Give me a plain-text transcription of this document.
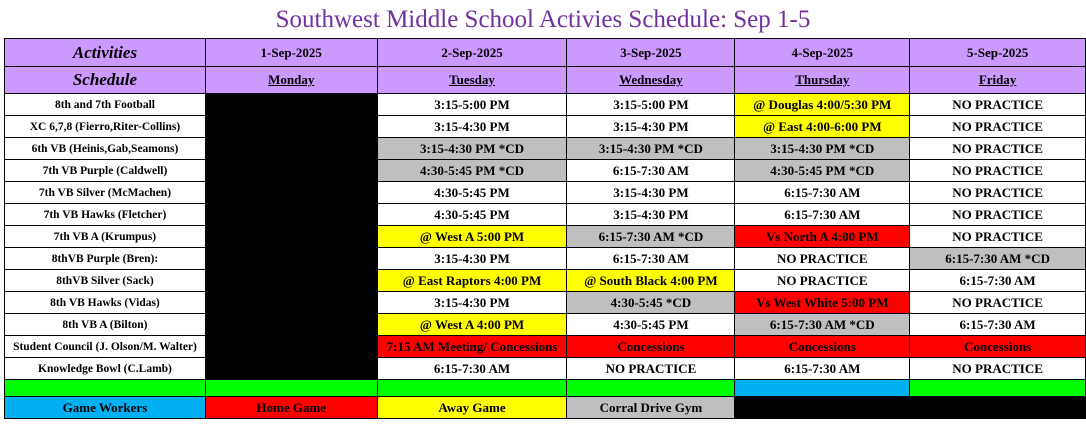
Southwest Middle School Activies Schedule: Sep 1-5
Activities	1-Sep-2025	2-Sep-2025	3-Sep-2025	4-Sep-2025	5-Sep-2025
Schedule	Monday	Tuesday	Wednesday	Thursday	Friday
8th and 7th Football		3:15-5:00 PM	3:15-5:00 PM	@ Douglas 4:00/5:30 PM	NO PRACTICE
XC 6,7,8 (Fierro,Riter-Collins)		3:15-4:30 PM	3:15-4:30 PM	@ East 4:00-6:00 PM	NO PRACTICE
6th VB (Heinis,Gab,Seamons)		3:15-4:30 PM *CD	3:15-4:30 PM *CD	3:15-4:30 PM *CD	NO PRACTICE
7th VB Purple (Caldwell)		4:30-5:45 PM *CD	6:15-7:30 AM	4:30-5:45 PM *CD	NO PRACTICE
7th VB Silver (McMachen)		4:30-5:45 PM	3:15-4:30 PM	6:15-7:30 AM	NO PRACTICE
7th VB Hawks (Fletcher)		4:30-5:45 PM	3:15-4:30 PM	6:15-7:30 AM	NO PRACTICE
7th VB A (Krumpus)		@ West A 5:00 PM	6:15-7:30 AM *CD	Vs North A 4:00 PM	NO PRACTICE
8thVB Purple (Bren):		3:15-4:30 PM	6:15-7:30 AM	NO PRACTICE	6:15-7:30 AM *CD
8thVB Silver (Sack)		@ East Raptors 4:00 PM	@ South Black 4:00 PM	NO PRACTICE	6:15-7:30 AM
8th VB Hawks (Vidas)		3:15-4:30 PM	4:30-5:45 *CD	Vs West White 5:00 PM	NO PRACTICE
8th VB A (Bilton)		@ West A 4:00 PM	4:30-5:45 PM	6:15-7:30 AM *CD	6:15-7:30 AM
Student Council (J. Olson/M. Walter)		7:15 AM Meeting/ Concessions	Concessions	Concessions	Concessions
Knowledge Bowl (C.Lamb)		6:15-7:30 AM	NO PRACTICE	6:15-7:30 AM	NO PRACTICE

Game Workers	Home Game	Away Game	Corral Drive Gym		
